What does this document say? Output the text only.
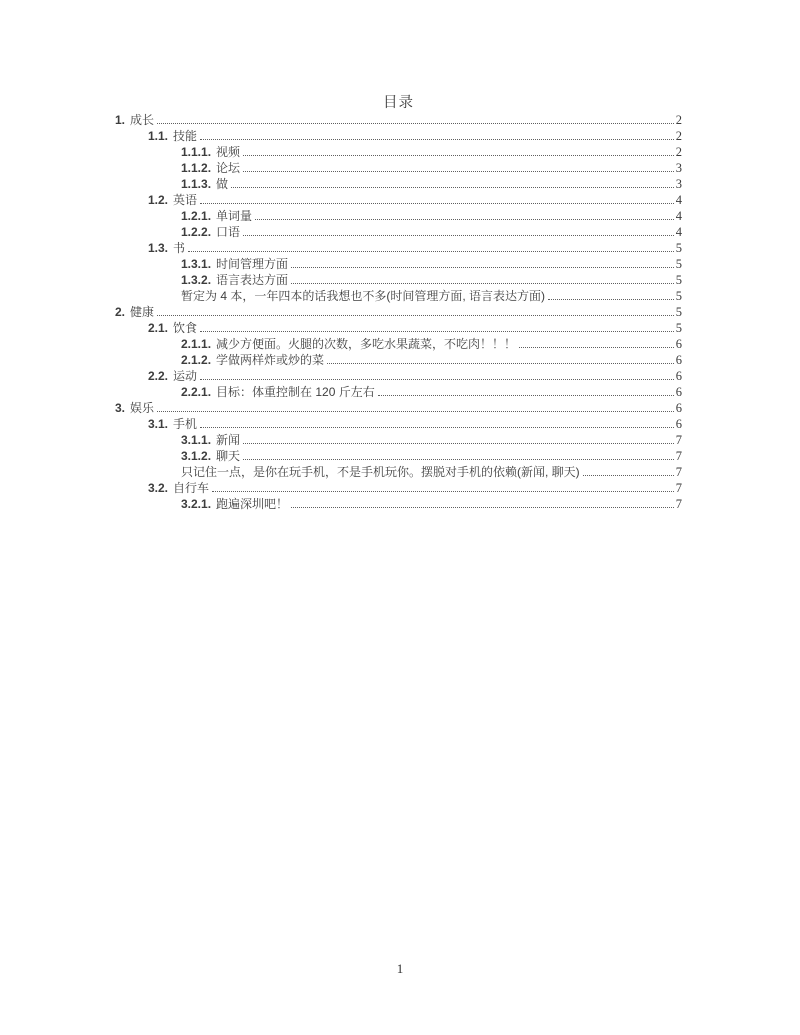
目录
1. 成长	2
1.1. 技能	2
1.1.1. 视频	2
1.1.2. 论坛	3
1.1.3. 做	3
1.2. 英语	4
1.2.1. 单词量	4
1.2.2. 口语	4
1.3. 书	5
1.3.1. 时间管理方面	5
1.3.2. 语言表达方面	5
暂定为 4 本，一年四本的话我想也不多(时间管理方面, 语言表达方面)	5
2. 健康	5
2.1. 饮食	5
2.1.1. 减少方便面。火腿的次数，多吃水果蔬菜，不吃肉！！！	6
2.1.2. 学做两样炸或炒的菜	6
2.2. 运动	6
2.2.1. 目标：体重控制在 120 斤左右	6
3. 娱乐	6
3.1. 手机	6
3.1.1. 新闻	7
3.1.2. 聊天	7
只记住一点，是你在玩手机，不是手机玩你。摆脱对手机的依赖(新闻, 聊天)	7
3.2. 自行车	7
3.2.1. 跑遍深圳吧！	7
1
